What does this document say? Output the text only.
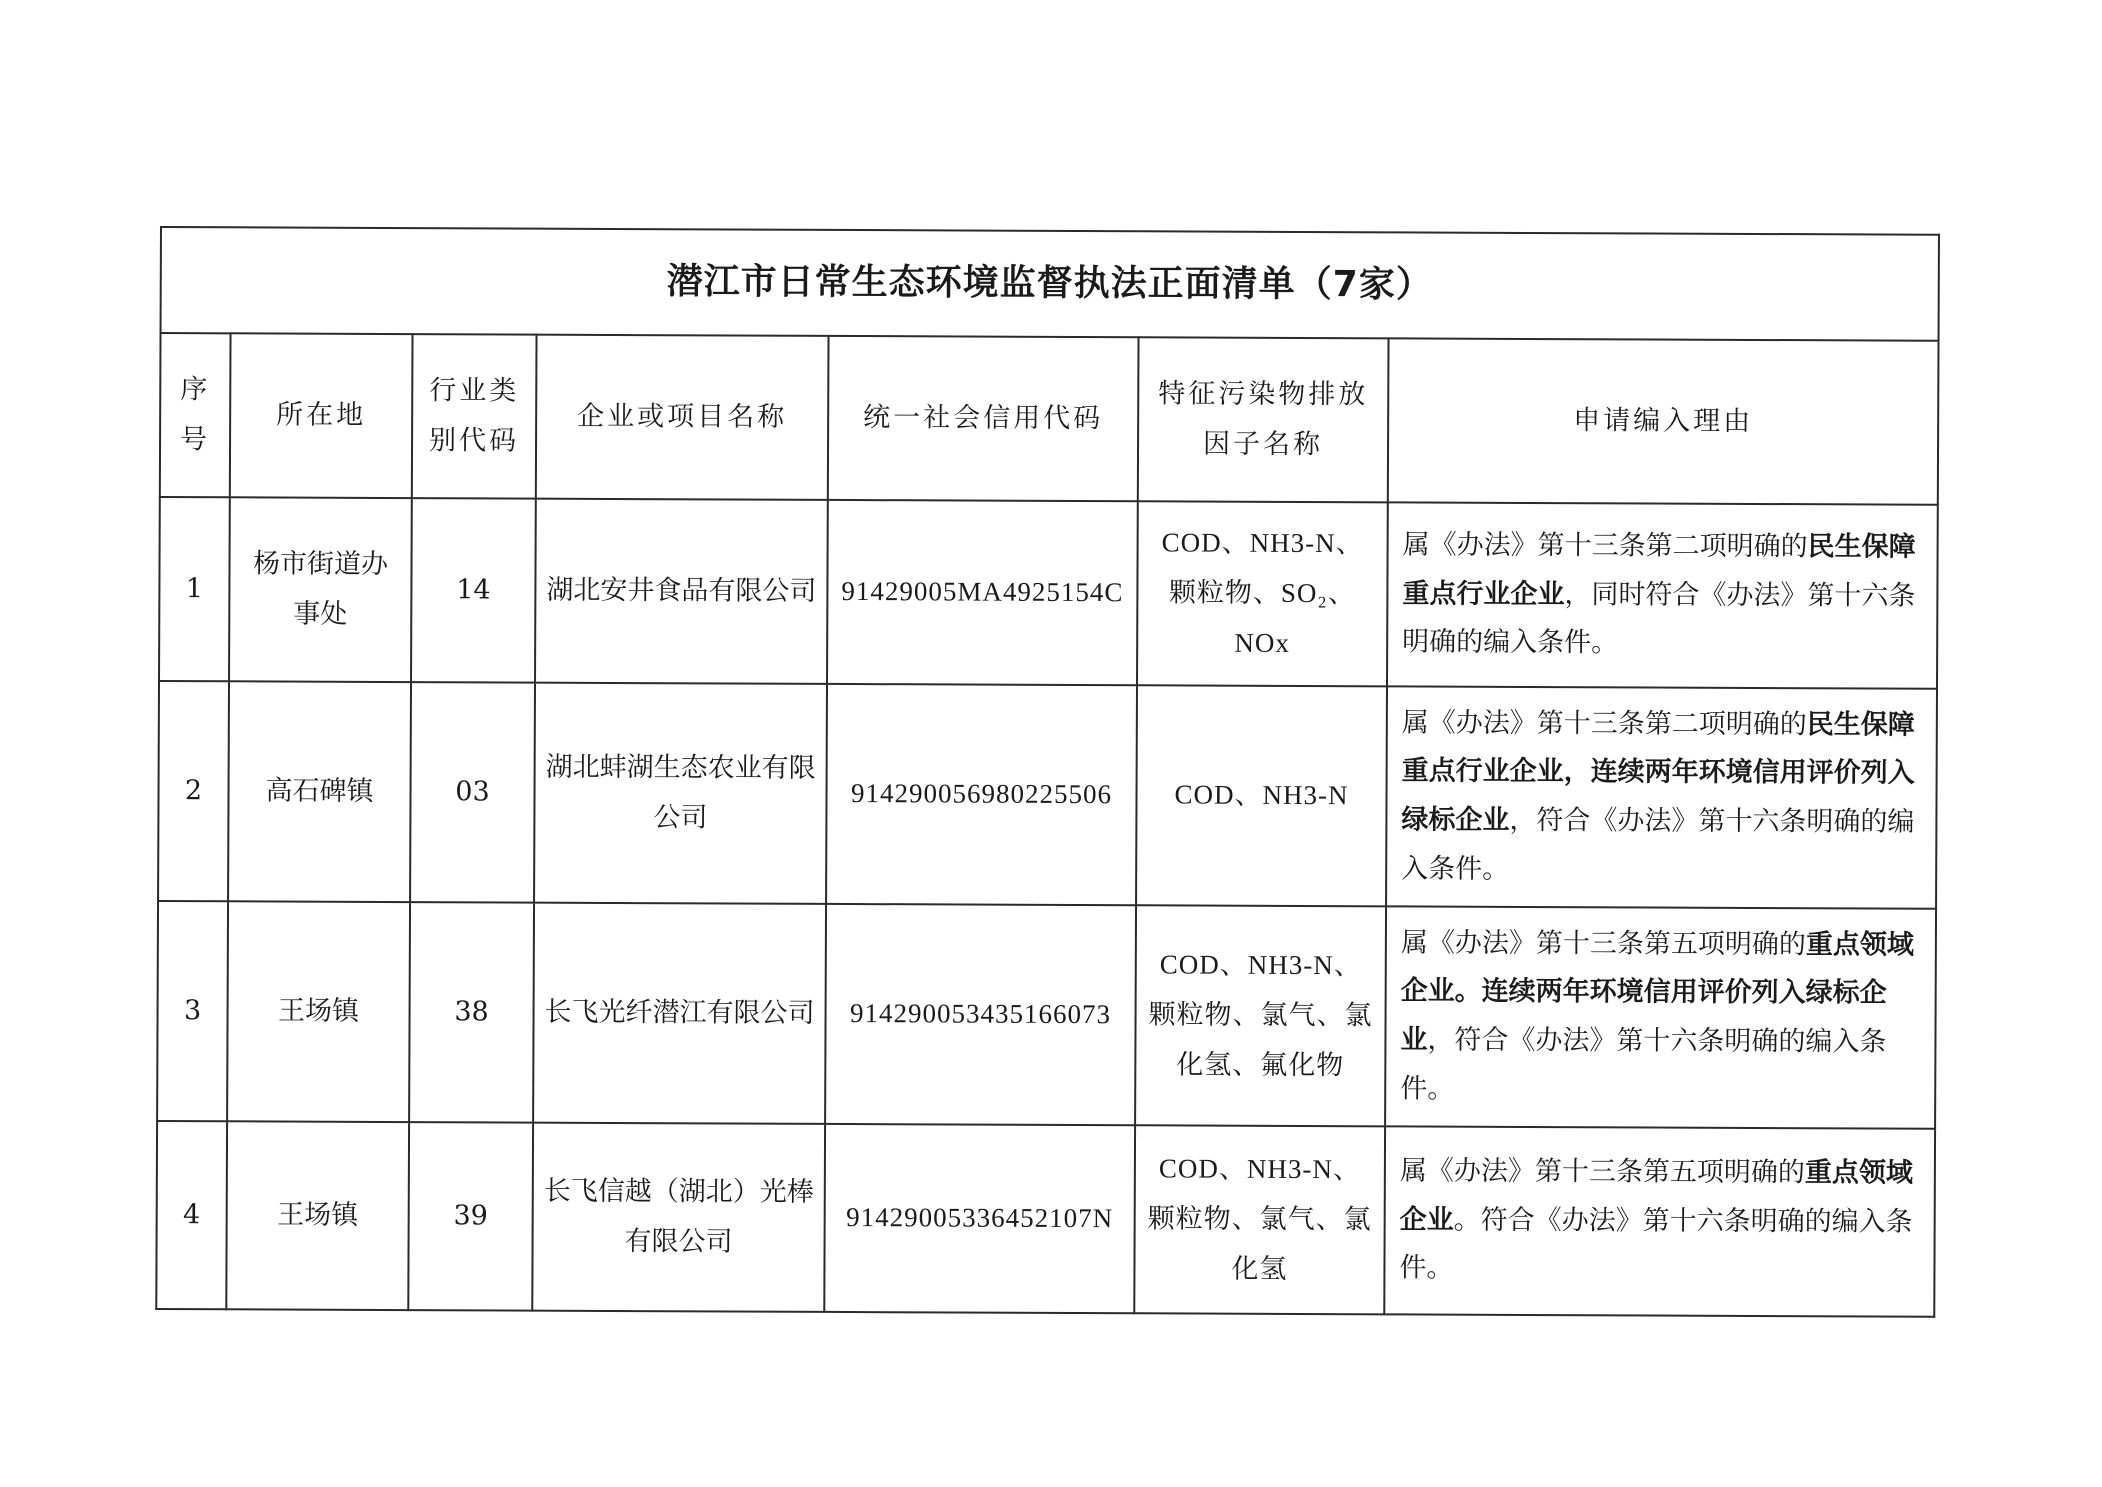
潜江市日常生态环境监督执法正面清单（7家）						
序号	所在地	行业类别代码	企业或项目名称	统一社会信用代码	特征污染物排放因子名称	申请编入理由
1	杨市街道办事处	14	湖北安井食品有限公司	91429005MA4925154C	COD、NH3-N、颗粒物、SO₂、NOx	属《办法》第十三条第二项明确的民生保障重点行业企业，同时符合《办法》第十六条明确的编入条件。
2	高石碑镇	03	湖北蚌湖生态农业有限公司	914290056980225506	COD、NH3-N	属《办法》第十三条第二项明确的民生保障重点行业企业，连续两年环境信用评价列入绿标企业，符合《办法》第十六条明确的编入条件。
3	王场镇	38	长飞光纤潜江有限公司	914290053435166073	COD、NH3-N、颗粒物、氯气、氯化氢、氟化物	属《办法》第十三条第五项明确的重点领域企业。连续两年环境信用评价列入绿标企业，符合《办法》第十六条明确的编入条件。
4	王场镇	39	长飞信越（湖北）光棒有限公司	91429005336452107N	COD、NH3-N、颗粒物、氯气、氯化氢	属《办法》第十三条第五项明确的重点领域企业。符合《办法》第十六条明确的编入条件。
